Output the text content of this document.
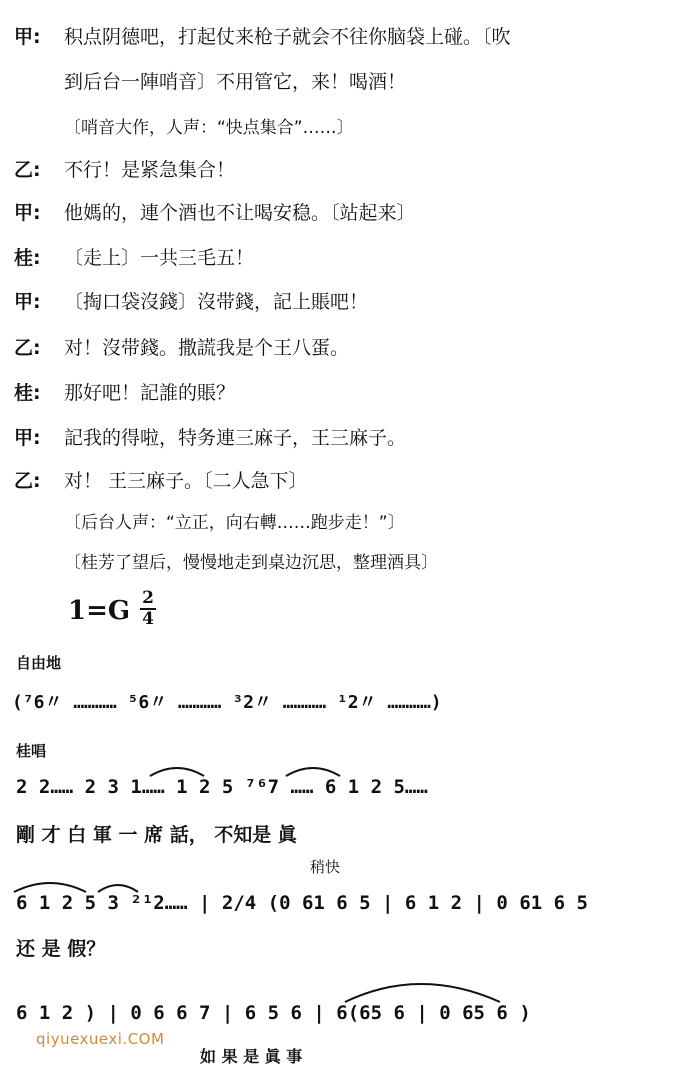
甲: 积点阴德吧，打起仗来枪子就会不往你脑袋上碰。〔吹
到后台一陣哨音〕不用管它，来！喝酒！
〔哨音大作，人声：“快点集合”……〕
乙: 不行！是紧急集合！
甲: 他媽的，連个酒也不让喝安稳。〔站起来〕
桂: 〔走上〕一共三毛五！
甲: 〔掏口袋沒錢〕沒带錢，記上賬吧！
乙: 对！沒带錢。撒謊我是个王八蛋。
桂: 那好吧！記誰的賬？
甲: 記我的得啦，特务連三麻子，王三麻子。
乙: 对！ 王三麻子。〔二人急下〕
〔后台人声：“立正，向右轉……跑步走！”〕
〔桂芳了望后，慢慢地走到桌边沉思，整理酒具〕
1=G 2
4
自由地
(⁷6〃 ………… ⁵6〃 ………… ³2〃 ………… ¹2〃 …………)
桂唱
2 2…… 2 3 1…… 1 2 5 ⁷⁶7 …… 6 1 2 5……
剛 才 白 軍 一 席 話， 不知是 眞
稍快
6 1 2 5 3 ²¹2…… | 2/4 (0 61 6 5 | 6 1 2 | 0 61 6 5
还 是 假？
6 1 2 ) | 0 6 6 7 | 6 5 6 | 6(65 6 | 0 65 6 )
如 果 是 眞 事
qiyuexuexi.COM
